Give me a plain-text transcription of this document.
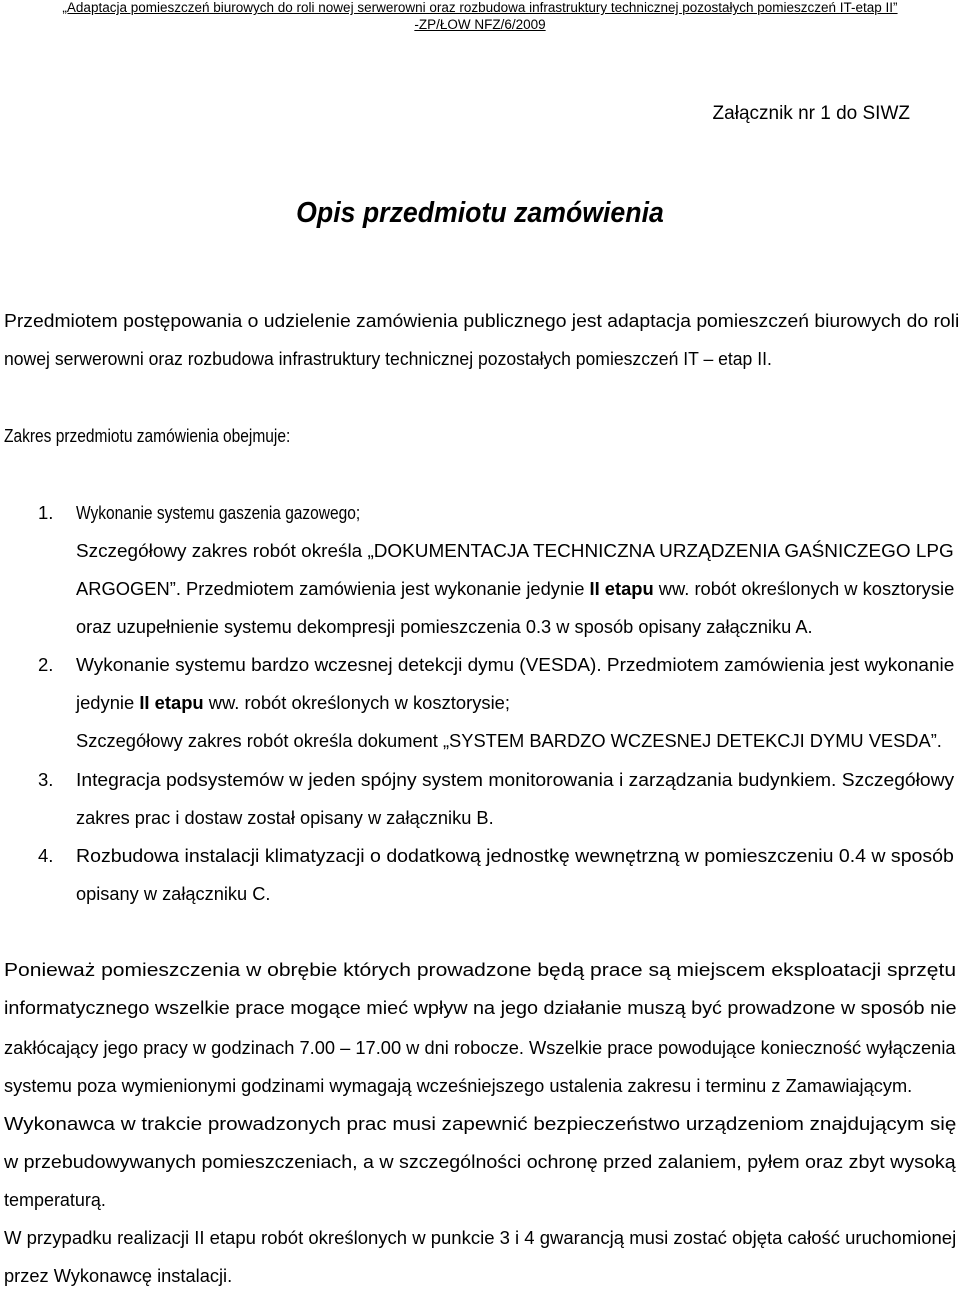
„Adaptacja pomieszczeń biurowych do roli nowej serwerowni oraz rozbudowa infrastruktury technicznej pozostałych pomieszczeń IT-etap II”
-ZP/ŁOW NFZ/6/2009
Załącznik nr 1 do SIWZ
Opis przedmiotu zamówienia
Przedmiotem postępowania o udzielenie zamówienia publicznego jest adaptacja pomieszczeń biurowych do roli
nowej serwerowni oraz rozbudowa infrastruktury technicznej pozostałych pomieszczeń IT – etap II.
Zakres przedmiotu zamówienia obejmuje:
1. Wykonanie systemu gaszenia gazowego;
Szczegółowy zakres robót określa „DOKUMENTACJA TECHNICZNA URZĄDZENIA GAŚNICZEGO LPG
ARGOGEN”. Przedmiotem zamówienia jest wykonanie jedynie II etapu ww. robót określonych w kosztorysie
oraz uzupełnienie systemu dekompresji pomieszczenia 0.3 w sposób opisany załączniku A.
2. Wykonanie systemu bardzo wczesnej detekcji dymu (VESDA). Przedmiotem zamówienia jest wykonanie
jedynie II etapu ww. robót określonych w kosztorysie;
Szczegółowy zakres robót określa dokument „SYSTEM BARDZO WCZESNEJ DETEKCJI DYMU VESDA”.
3. Integracja podsystemów w jeden spójny system monitorowania i zarządzania budynkiem. Szczegółowy
zakres prac i dostaw został opisany w załączniku B.
4. Rozbudowa instalacji klimatyzacji o dodatkową jednostkę wewnętrzną w pomieszczeniu 0.4 w sposób
opisany w załączniku C.
Ponieważ pomieszczenia w obrębie których prowadzone będą prace są miejscem eksploatacji sprzętu
informatycznego wszelkie prace mogące mieć wpływ na jego działanie muszą być prowadzone w sposób nie
zakłócający jego pracy w godzinach 7.00 – 17.00 w dni robocze. Wszelkie prace powodujące konieczność wyłączenia
systemu poza wymienionymi godzinami wymagają wcześniejszego ustalenia zakresu i terminu z Zamawiającym.
Wykonawca w trakcie prowadzonych prac musi zapewnić bezpieczeństwo urządzeniom znajdującym się
w przebudowywanych pomieszczeniach, a w szczególności ochronę przed zalaniem, pyłem oraz zbyt wysoką
temperaturą.
W przypadku realizacji II etapu robót określonych w punkcie 3 i 4 gwarancją musi zostać objęta całość uruchomionej
przez Wykonawcę instalacji.
